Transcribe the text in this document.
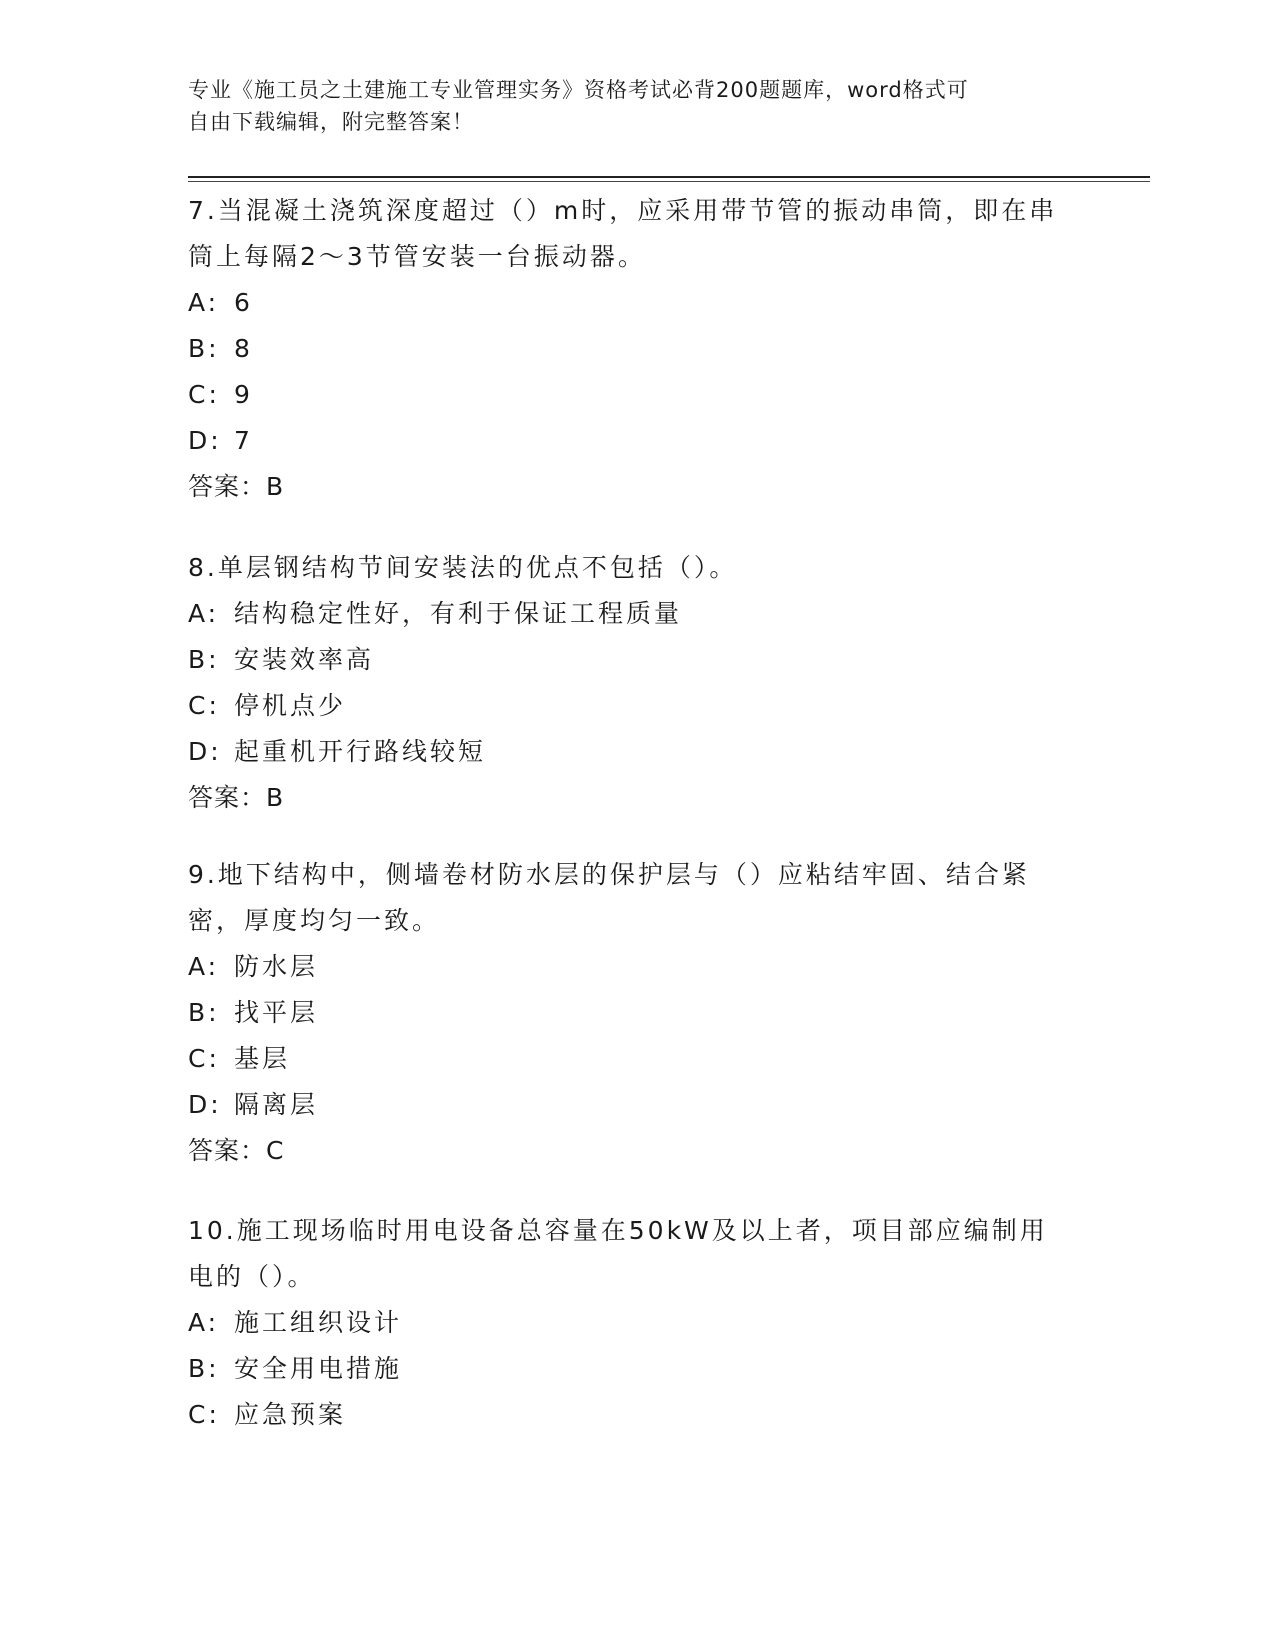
专业《施工员之土建施工专业管理实务》资格考试必背200题题库，word格式可
自由下载编辑，附完整答案！
7.当混凝土浇筑深度超过（）m时，应采用带节管的振动串筒，即在串
筒上每隔2～3节管安装一台振动器。
A: 6
B: 8
C: 9
D: 7
答案：B
8.单层钢结构节间安装法的优点不包括（）。
A: 结构稳定性好，有利于保证工程质量
B: 安装效率高
C: 停机点少
D: 起重机开行路线较短
答案：B
9.地下结构中，侧墙卷材防水层的保护层与（）应粘结牢固、结合紧
密，厚度均匀一致。
A: 防水层
B: 找平层
C: 基层
D: 隔离层
答案：C
10.施工现场临时用电设备总容量在50kW及以上者，项目部应编制用
电的（）。
A: 施工组织设计
B: 安全用电措施
C: 应急预案
